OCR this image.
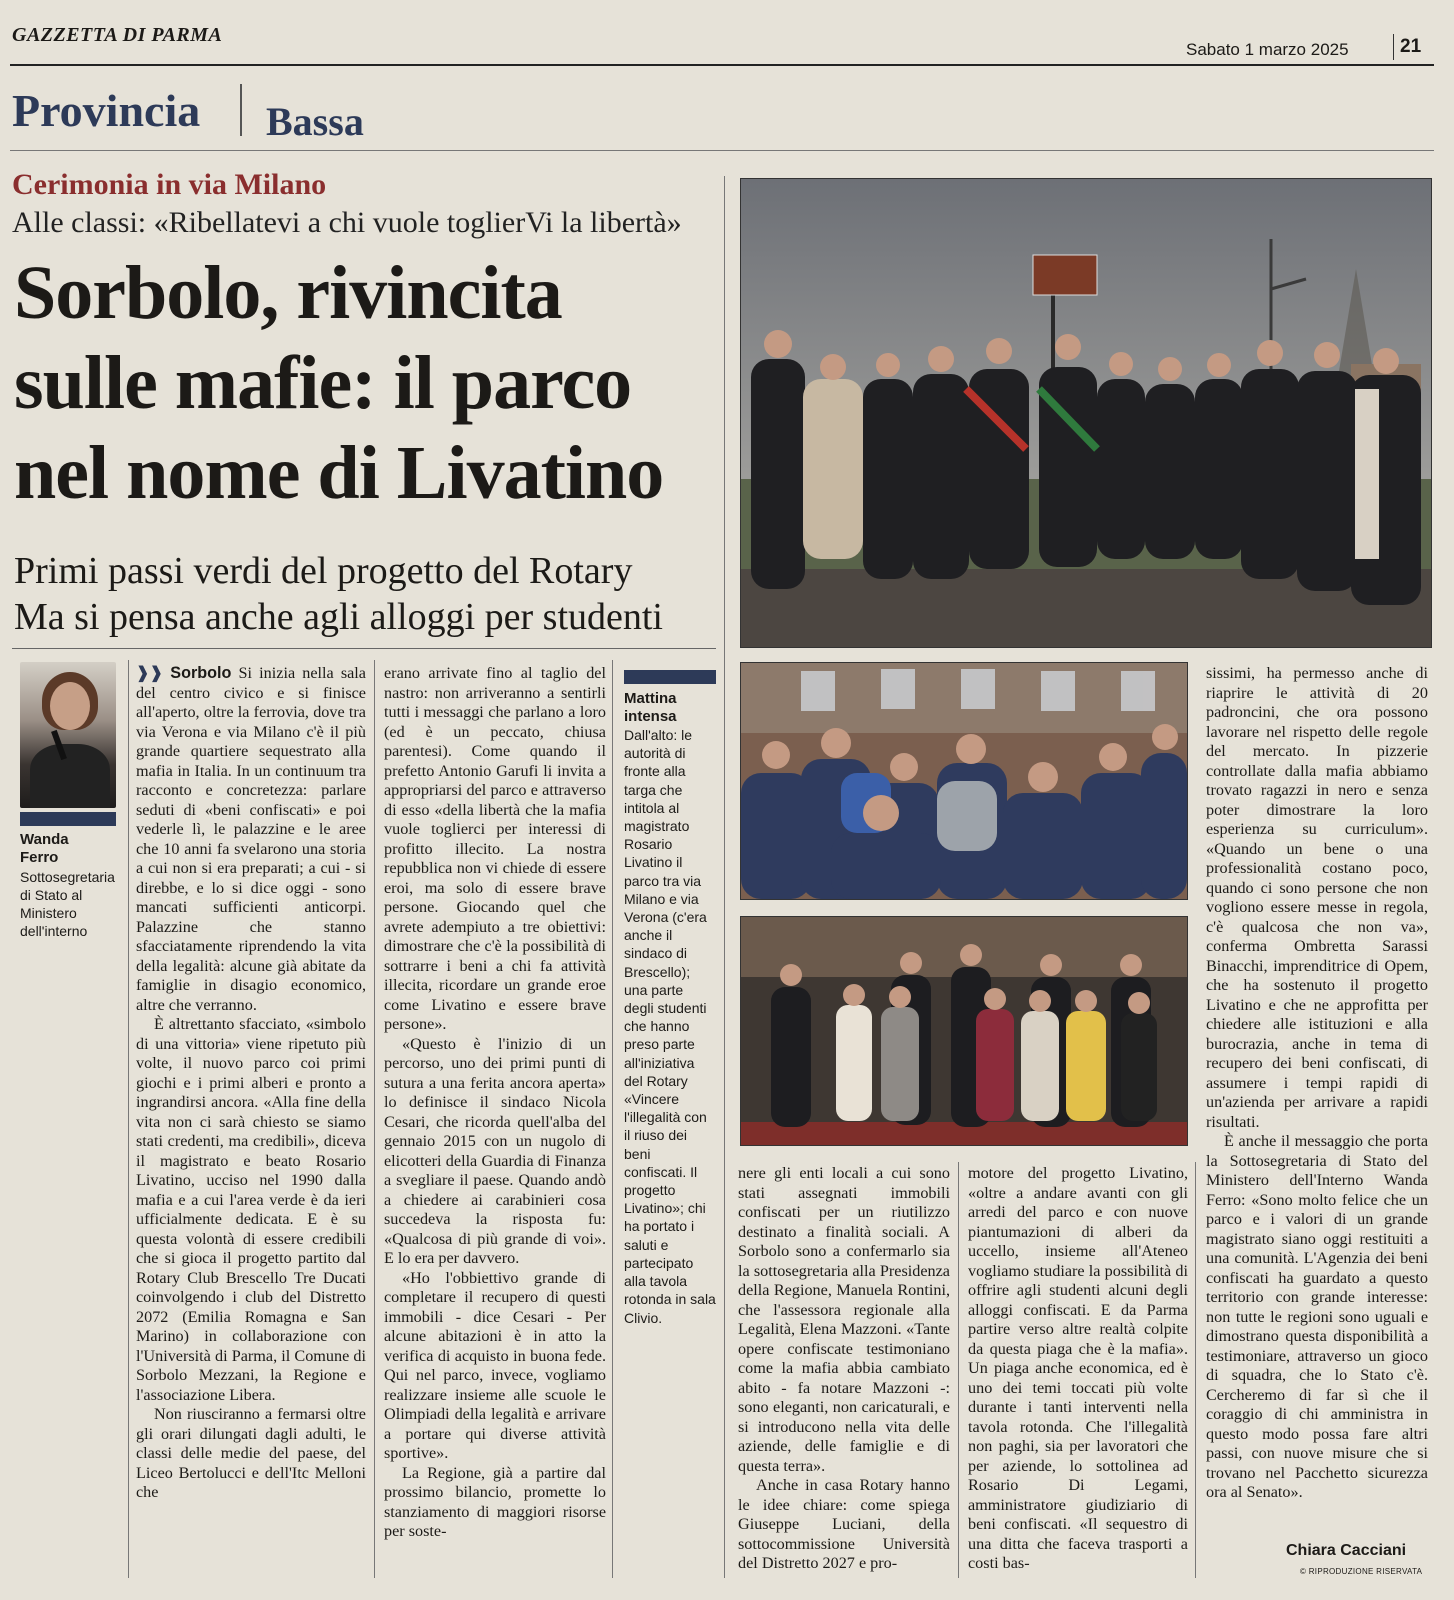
GAZZETTA DI PARMA
Sabato 1 marzo 2025	21
Provincia Bassa
Cerimonia in via Milano
Alle classi: «Ribellatevi a chi vuole toglierVi la libertà»
Sorbolo, rivincita sulle mafie: il parco nel nome di Livatino
Primi passi verdi del progetto del Rotary
Ma si pensa anche agli alloggi per studenti
Wanda
Ferro
Sottosegretaria di Stato al Ministero dell'interno

❱❱ Sorbolo Si inizia nella sala del centro civico e si finisce all'aperto, oltre la ferrovia, dove tra via Verona e via Milano c'è il più grande quartiere sequestrato alla mafia in Italia. In un continuum tra racconto e concretezza: parlare seduti di «beni confiscati» e poi vederle lì, le palazzine e le aree che 10 anni fa svelarono una storia a cui non si era preparati; a cui - si direbbe, e lo si dice oggi - sono mancati sufficienti anticorpi. Palazzine che stanno sfacciatamente riprendendo la vita della legalità: alcune già abitate da famiglie in disagio economico, altre che verranno.

È altrettanto sfacciato, «simbolo di una vittoria» viene ripetuto più volte, il nuovo parco coi primi giochi e i primi alberi e pronto a ingrandirsi ancora. «Alla fine della vita non ci sarà chiesto se siamo stati credenti, ma credibili», diceva il magistrato e beato Rosario Livatino, ucciso nel 1990 dalla mafia e a cui l'area verde è da ieri ufficialmente dedicata. E è su questa volontà di essere credibili che si gioca il progetto partito dal Rotary Club Brescello Tre Ducati coinvolgendo i club del Distretto 2072 (Emilia Romagna e San Marino) in collaborazione con l'Università di Parma, il Comune di Sorbolo Mezzani, la Regione e l'associazione Libera.

Non riusciranno a fermarsi oltre gli orari dilungati dagli adulti, le classi delle medie del paese, del Liceo Bertolucci e dell'Itc Melloni che

erano arrivate fino al taglio del nastro: non arriveranno a sentirli tutti i messaggi che parlano a loro (ed è un peccato, chiusa parentesi). Come quando il prefetto Antonio Garufi li invita a appropriarsi del parco e attraverso di esso «della libertà che la mafia vuole toglierci per interessi di profitto illecito. La nostra repubblica non vi chiede di essere eroi, ma solo di essere brave persone. Giocando quel che avrete adempiuto a tre obiettivi: dimostrare che c'è la possibilità di sottrarre i beni a chi fa attività illecita, ricordare un grande eroe come Livatino e essere brave persone».

«Questo è l'inizio di un percorso, uno dei primi punti di sutura a una ferita ancora aperta» lo definisce il sindaco Nicola Cesari, che ricorda quell'alba del gennaio 2015 con un nugolo di elicotteri della Guardia di Finanza a svegliare il paese. Quando andò a chiedere ai carabinieri cosa succedeva la risposta fu: «Qualcosa di più grande di voi». E lo era per davvero.

«Ho l'obbiettivo grande di completare il recupero di questi immobili - dice Cesari - Per alcune abitazioni è in atto la verifica di acquisto in buona fede. Qui nel parco, invece, vogliamo realizzare insieme alle scuole le Olimpiadi della legalità e arrivare a portare qui diverse attività sportive».

La Regione, già a partire dal prossimo bilancio, promette lo stanziamento di maggiori risorse per soste-

Mattina intensa
Dall'alto: le autorità di fronte alla targa che intitola al magistrato Rosario Livatino il parco tra via Milano e via Verona (c'era anche il sindaco di Brescello); una parte degli studenti che hanno preso parte all'iniziativa del Rotary «Vincere l'illegalità con il riuso dei beni confiscati. Il progetto Livatino»; chi ha portato i saluti e partecipato alla tavola rotonda in sala Clivio.

nere gli enti locali a cui sono stati assegnati immobili confiscati per un riutilizzo destinato a finalità sociali. A Sorbolo sono a confermarlo sia la sottosegretaria alla Presidenza della Regione, Manuela Rontini, che l'assessora regionale alla Legalità, Elena Mazzoni. «Tante opere confiscate testimoniano come la mafia abbia cambiato abito - fa notare Mazzoni -: sono eleganti, non caricaturali, e si introducono nella vita delle aziende, delle famiglie e di questa terra».

Anche in casa Rotary hanno le idee chiare: come spiega Giuseppe Luciani, della sottocommissione Università del Distretto 2027 e pro-

motore del progetto Livatino, «oltre a andare avanti con gli arredi del parco e con nuove piantumazioni di alberi da uccello, insieme all'Ateneo vogliamo studiare la possibilità di offrire agli studenti alcuni degli alloggi confiscati. E da Parma partire verso altre realtà colpite da questa piaga che è la mafia». Un piaga anche economica, ed è uno dei temi toccati più volte durante i tanti interventi nella tavola rotonda. Che l'illegalità non paghi, sia per lavoratori che per aziende, lo sottolinea ad Rosario Di Legami, amministratore giudiziario di beni confiscati. «Il sequestro di una ditta che faceva trasporti a costi bas-

sissimi, ha permesso anche di riaprire le attività di 20 padroncini, che ora possono lavorare nel rispetto delle regole del mercato. In pizzerie controllate dalla mafia abbiamo trovato ragazzi in nero e senza poter dimostrare la loro esperienza su curriculum». «Quando un bene o una professionalità costano poco, quando ci sono persone che non vogliono essere messe in regola, c'è qualcosa che non va», conferma Ombretta Sarassi Binacchi, imprenditrice di Opem, che ha sostenuto il progetto Livatino e che ne approfitta per chiedere alle istituzioni e alla burocrazia, anche in tema di recupero dei beni confiscati, di assumere i tempi rapidi di un'azienda per arrivare a rapidi risultati.

È anche il messaggio che porta la Sottosegretaria di Stato del Ministero dell'Interno Wanda Ferro: «Sono molto felice che un parco e i valori di un grande magistrato siano oggi restituiti a una comunità. L'Agenzia dei beni confiscati ha guardato a questo territorio con grande interesse: non tutte le regioni sono uguali e dimostrano questa disponibilità a testimoniare, attraverso un gioco di squadra, che lo Stato c'è. Cercheremo di far sì che il coraggio di chi amministra in questo modo possa fare altri passi, con nuove misure che si trovano nel Pacchetto sicurezza ora al Senato».

Chiara Cacciani
© RIPRODUZIONE RISERVATA
